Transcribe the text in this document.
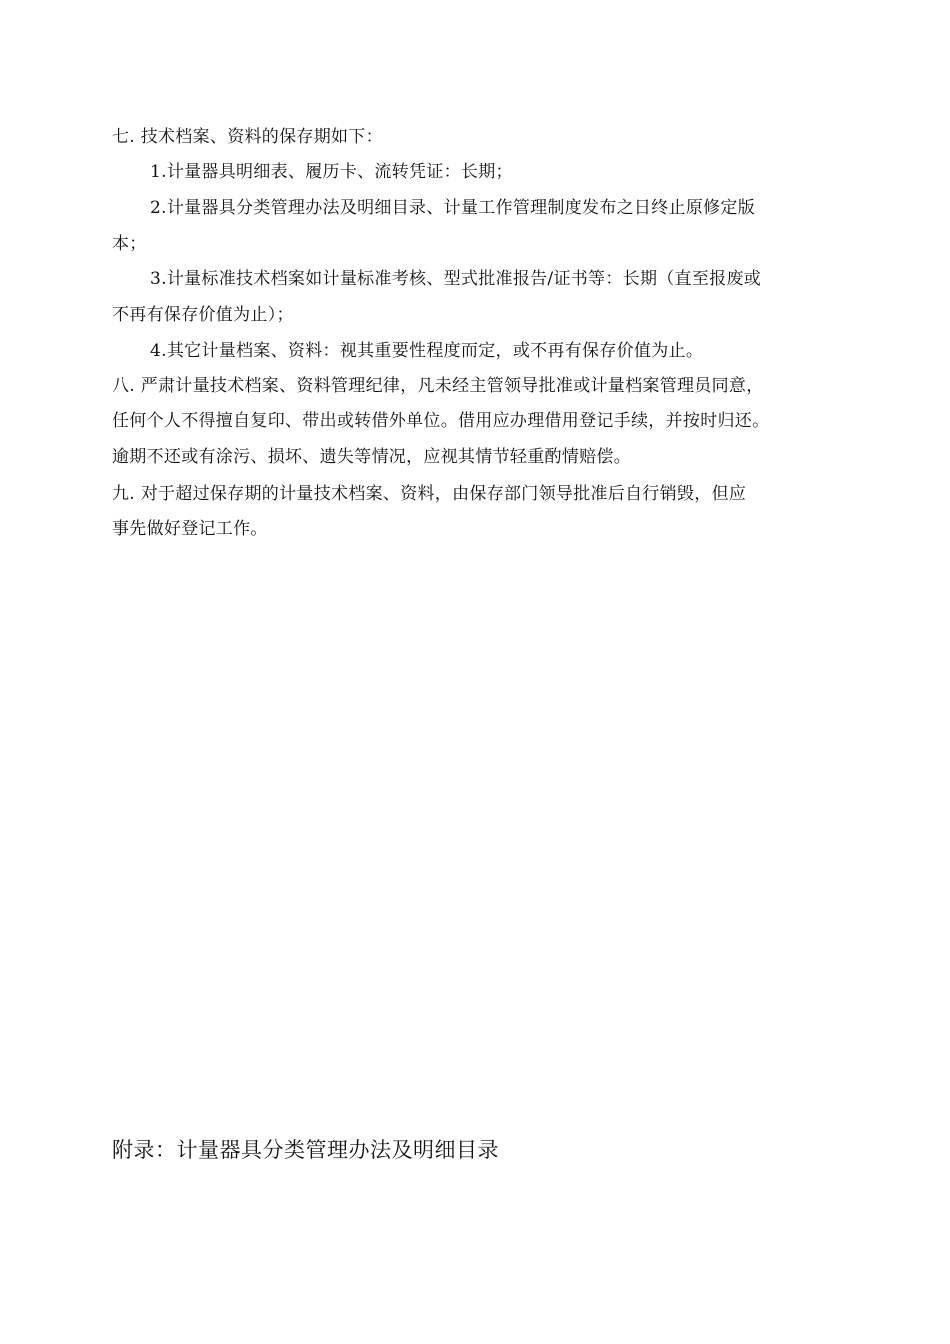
七. 技术档案、资料的保存期如下：
1.计量器具明细表、履历卡、流转凭证：长期；
2.计量器具分类管理办法及明细目录、计量工作管理制度发布之日终止原修定版
本；
3.计量标准技术档案如计量标准考核、型式批准报告/证书等：长期（直至报废或
不再有保存价值为止）；
4.其它计量档案、资料：视其重要性程度而定，或不再有保存价值为止。
八. 严肃计量技术档案、资料管理纪律，凡未经主管领导批准或计量档案管理员同意，
任何个人不得擅自复印、带出或转借外单位。借用应办理借用登记手续，并按时归还。
逾期不还或有涂污、损坏、遗失等情况，应视其情节轻重酌情赔偿。
九. 对于超过保存期的计量技术档案、资料，由保存部门领导批准后自行销毁，但应
事先做好登记工作。
附录：计量器具分类管理办法及明细目录
